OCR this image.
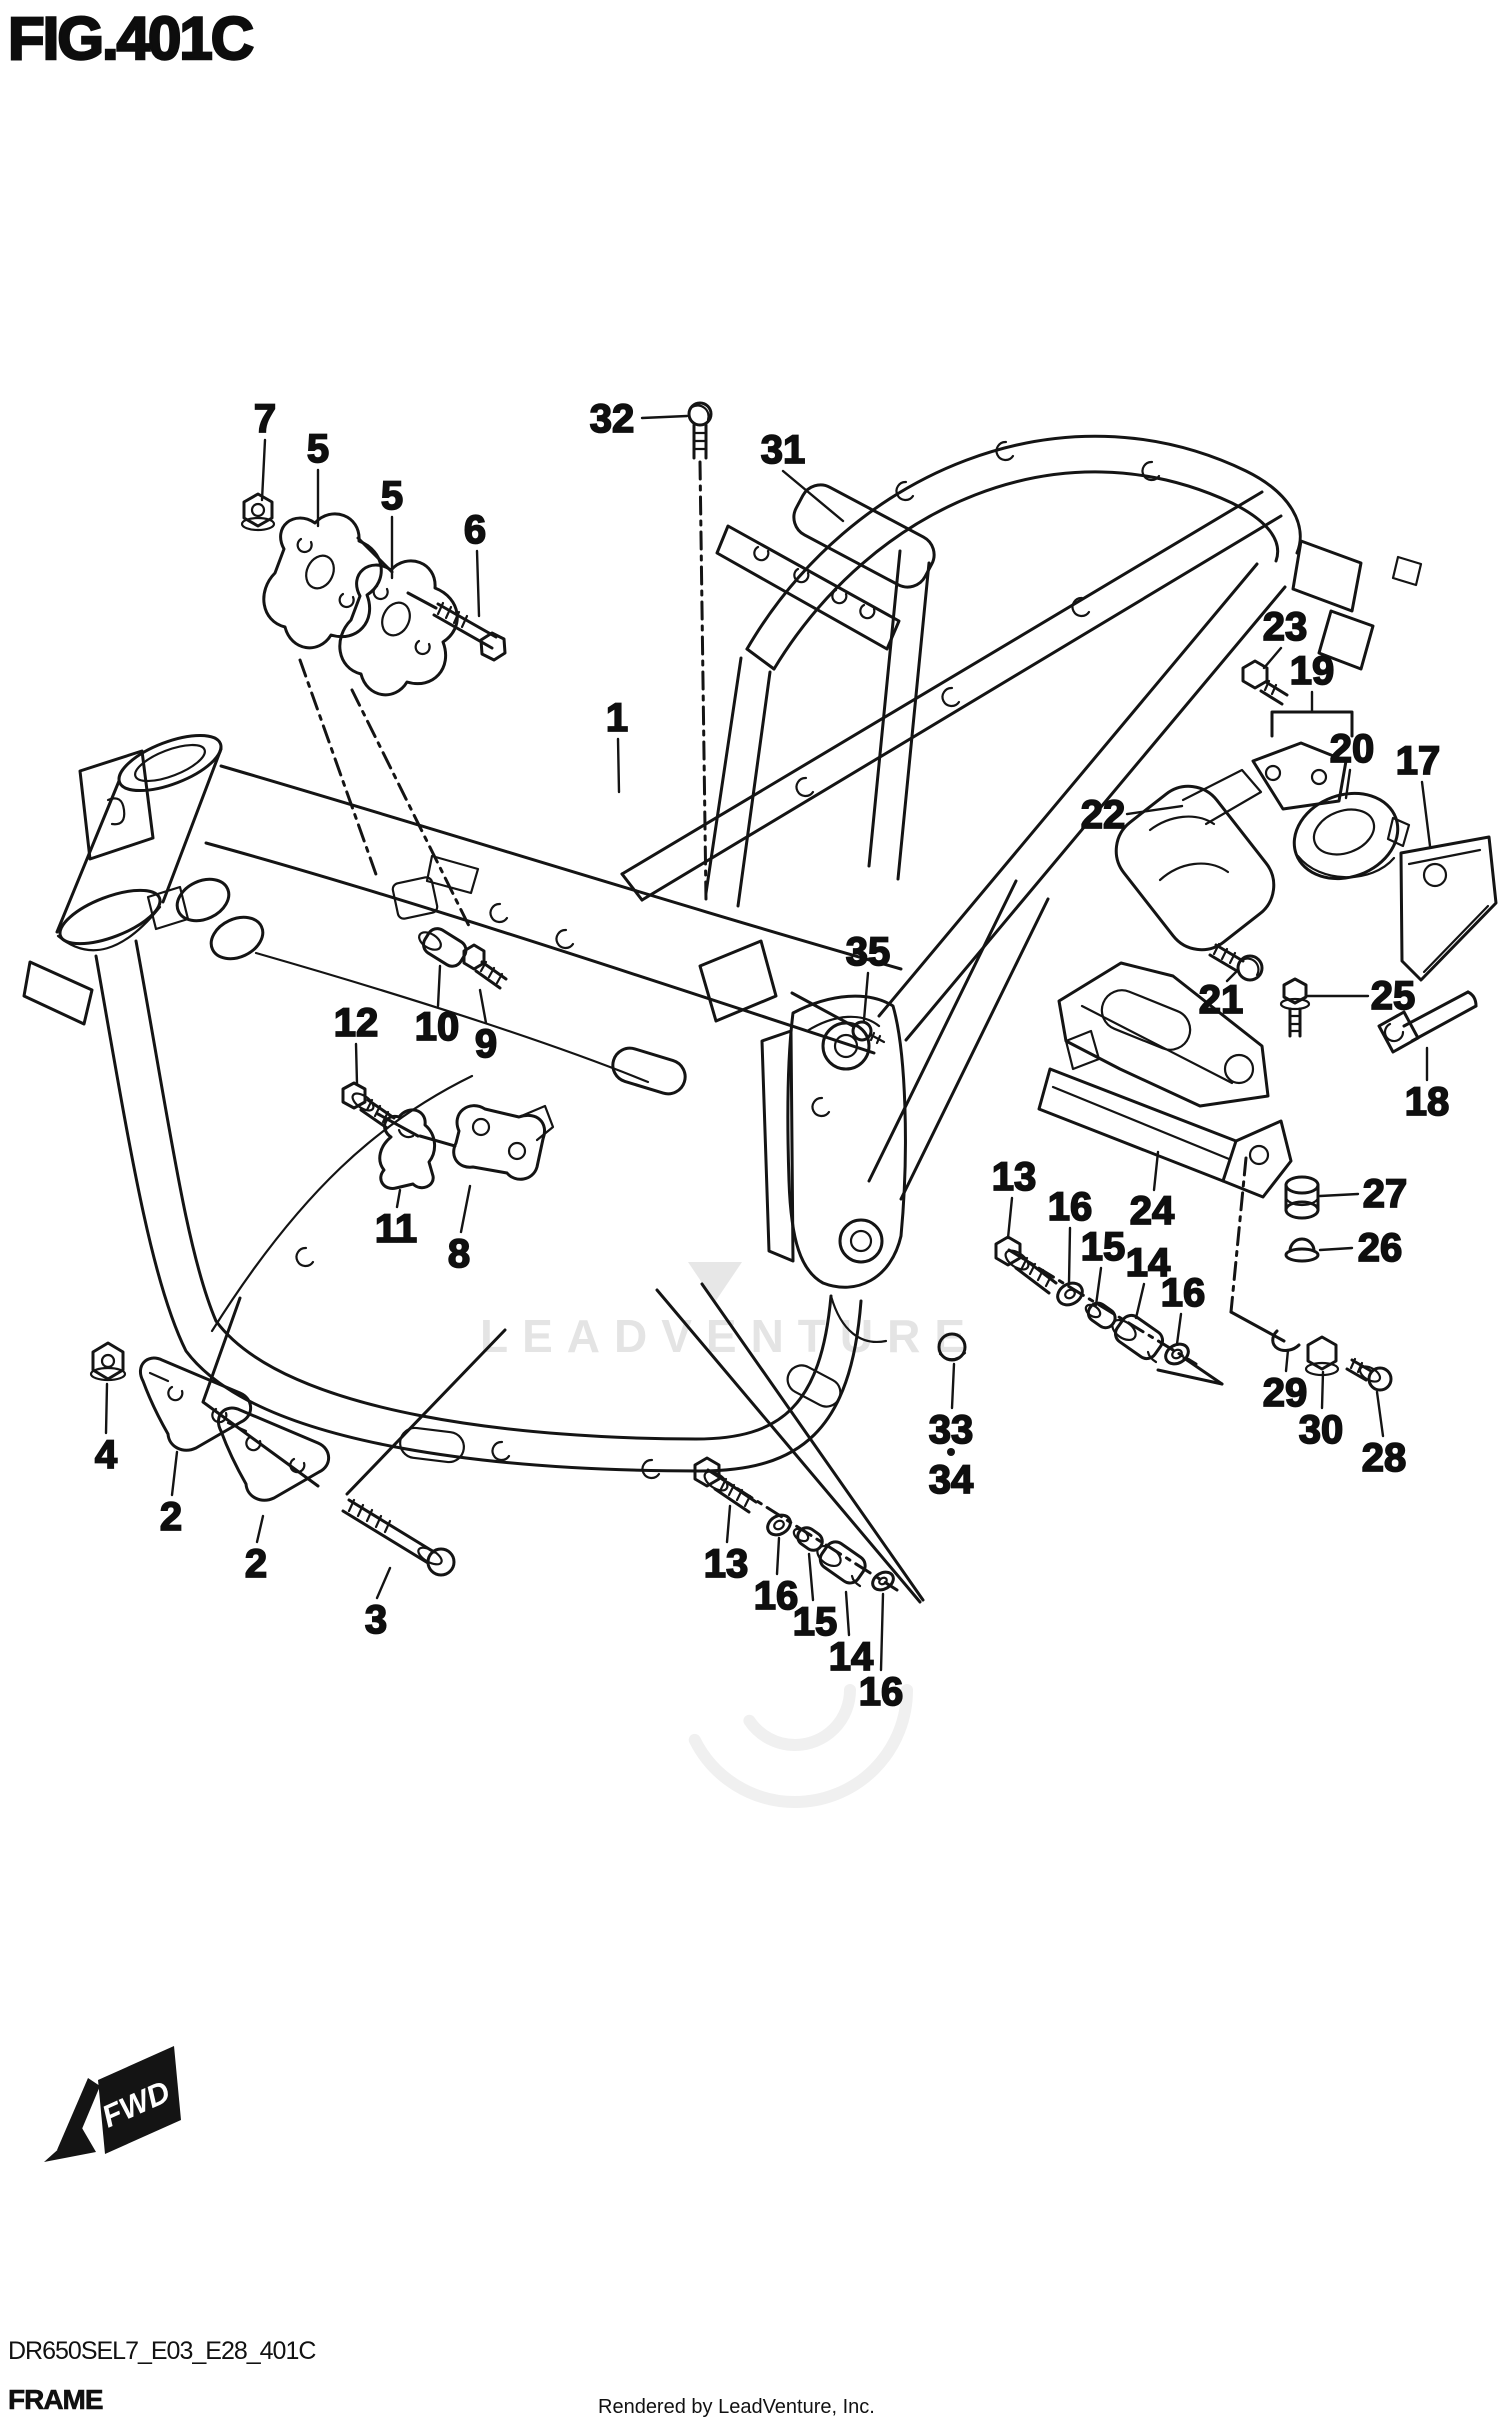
FIG.401C
LEADVENTURE
7
5
5
6
32
31
1
23
19
20 17
22
35
21	25
18
12 10 9
11
8
13
16
15 14
16
24	27
26
29
30
28
33
34
4
2
2
3
13
16
15
14
16
FWD
DR650SEL7_E03_E28_401C
FRAME	Rendered by LeadVenture, Inc.
